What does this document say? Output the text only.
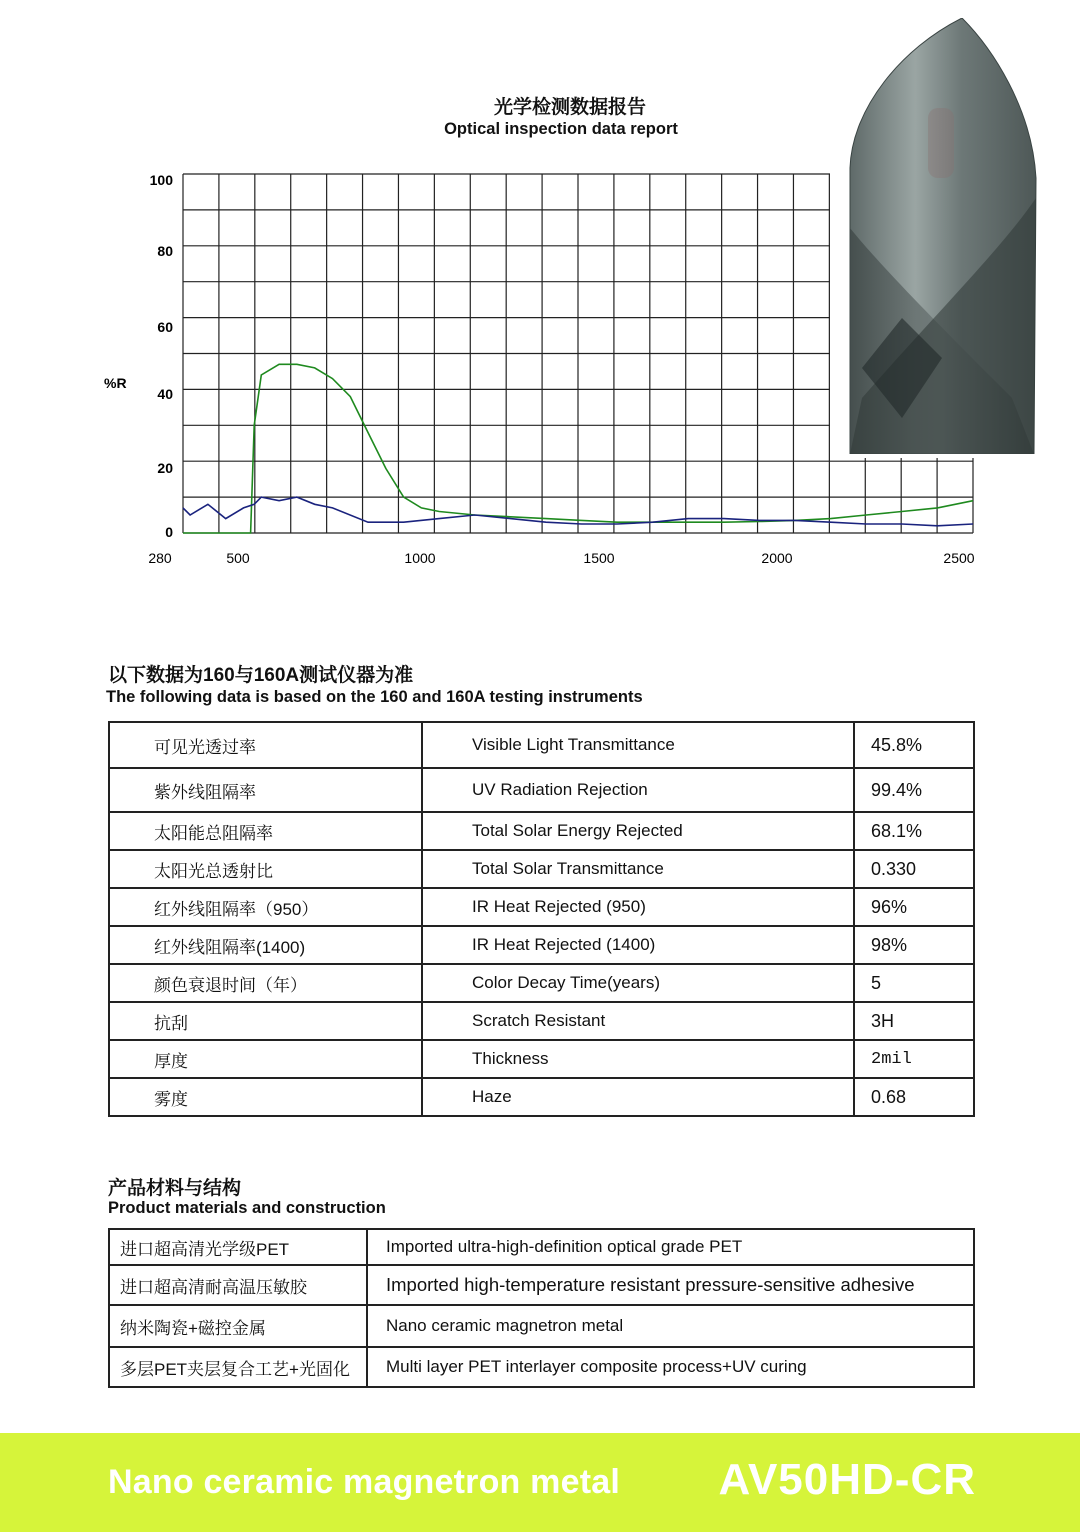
光学检测数据报告
Optical inspection data report
280	500	1000	1500	2000	2500
0
20
40
60
80
100
%R
以下数据为160与160A测试仪器为准
The following data is based on the 160 and 160A testing instruments
可见光透过率	Visible Light Transmittance	45.8%
紫外线阻隔率	UV Radiation Rejection	99.4%
太阳能总阻隔率	Total Solar Energy Rejected	68.1%
太阳光总透射比	Total Solar Transmittance	0.330
红外线阻隔率（950）	IR Heat Rejected (950)	96%
红外线阻隔率(1400)	IR Heat Rejected (1400)	98%
颜色衰退时间（年）	Color Decay Time(years)	5
抗刮	Scratch Resistant	3H
厚度	Thickness	2mil
雾度	Haze	0.68
产品材料与结构
Product materials and construction
进口超高清光学级PET	Imported ultra-high-definition optical grade PET
进口超高清耐高温压敏胶	Imported high-temperature resistant pressure-sensitive adhesive
纳米陶瓷+磁控金属	Nano ceramic magnetron metal
多层PET夹层复合工艺+光固化	Multi layer PET interlayer composite process+UV curing
Nano ceramic magnetron metal AV50HD-CR
